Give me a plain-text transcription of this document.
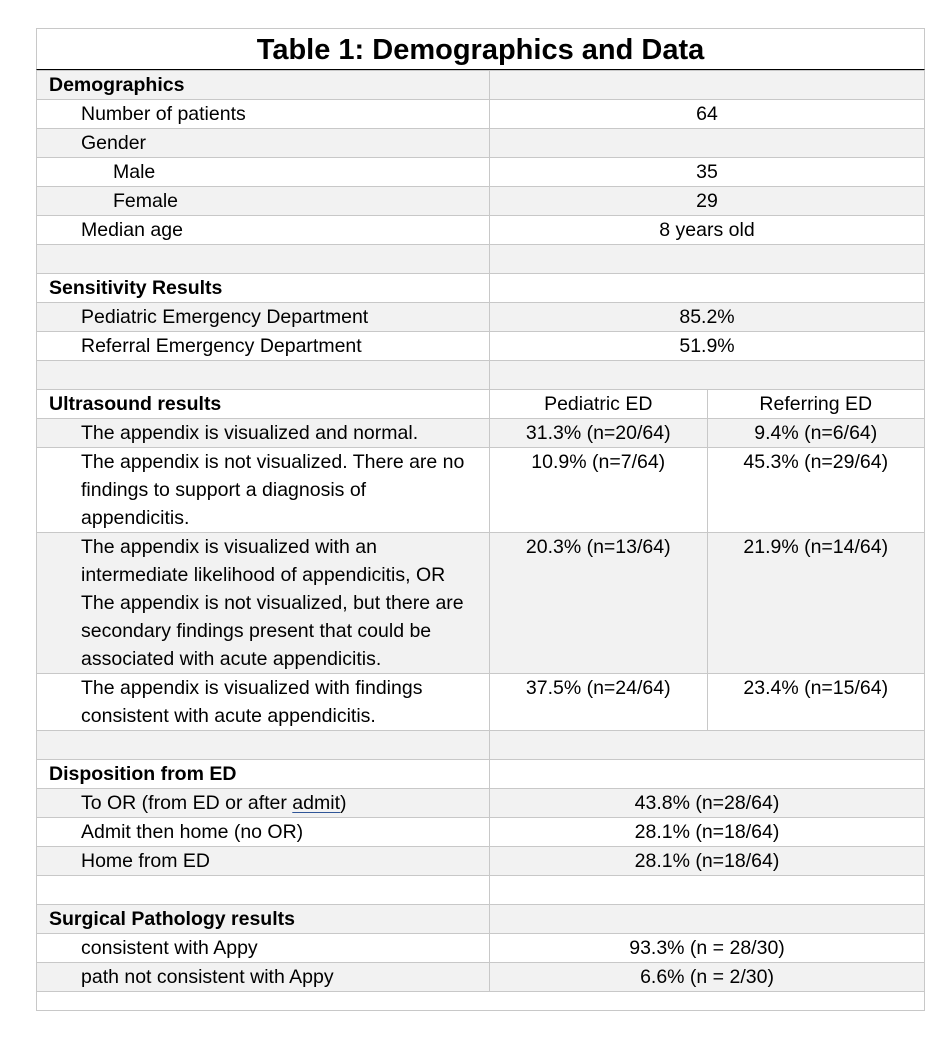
Table 1: Demographics and Data
Demographics		
Number of patients	64	
Gender		
Male	35	
Female	29	
Median age	8 years old	

Sensitivity Results		
Pediatric Emergency Department	85.2%	
Referral Emergency Department	51.9%	

Ultrasound results	Pediatric ED	Referring ED
The appendix is visualized and normal.	31.3% (n=20/64)	9.4% (n=6/64)
The appendix is not visualized. There are no findings to support a diagnosis of appendicitis.	10.9% (n=7/64)	45.3% (n=29/64)
The appendix is visualized with an intermediate likelihood of appendicitis, OR The appendix is not visualized, but there are secondary findings present that could be associated with acute appendicitis.	20.3% (n=13/64)	21.9% (n=14/64)
The appendix is visualized with findings consistent with acute appendicitis.	37.5% (n=24/64)	23.4% (n=15/64)

Disposition from ED		
To OR (from ED or after admit)	43.8% (n=28/64)	
Admit then home (no OR)	28.1% (n=18/64)	
Home from ED	28.1% (n=18/64)	

Surgical Pathology results		
consistent with Appy	93.3% (n = 28/30)	
path not consistent with Appy	6.6% (n = 2/30)	
